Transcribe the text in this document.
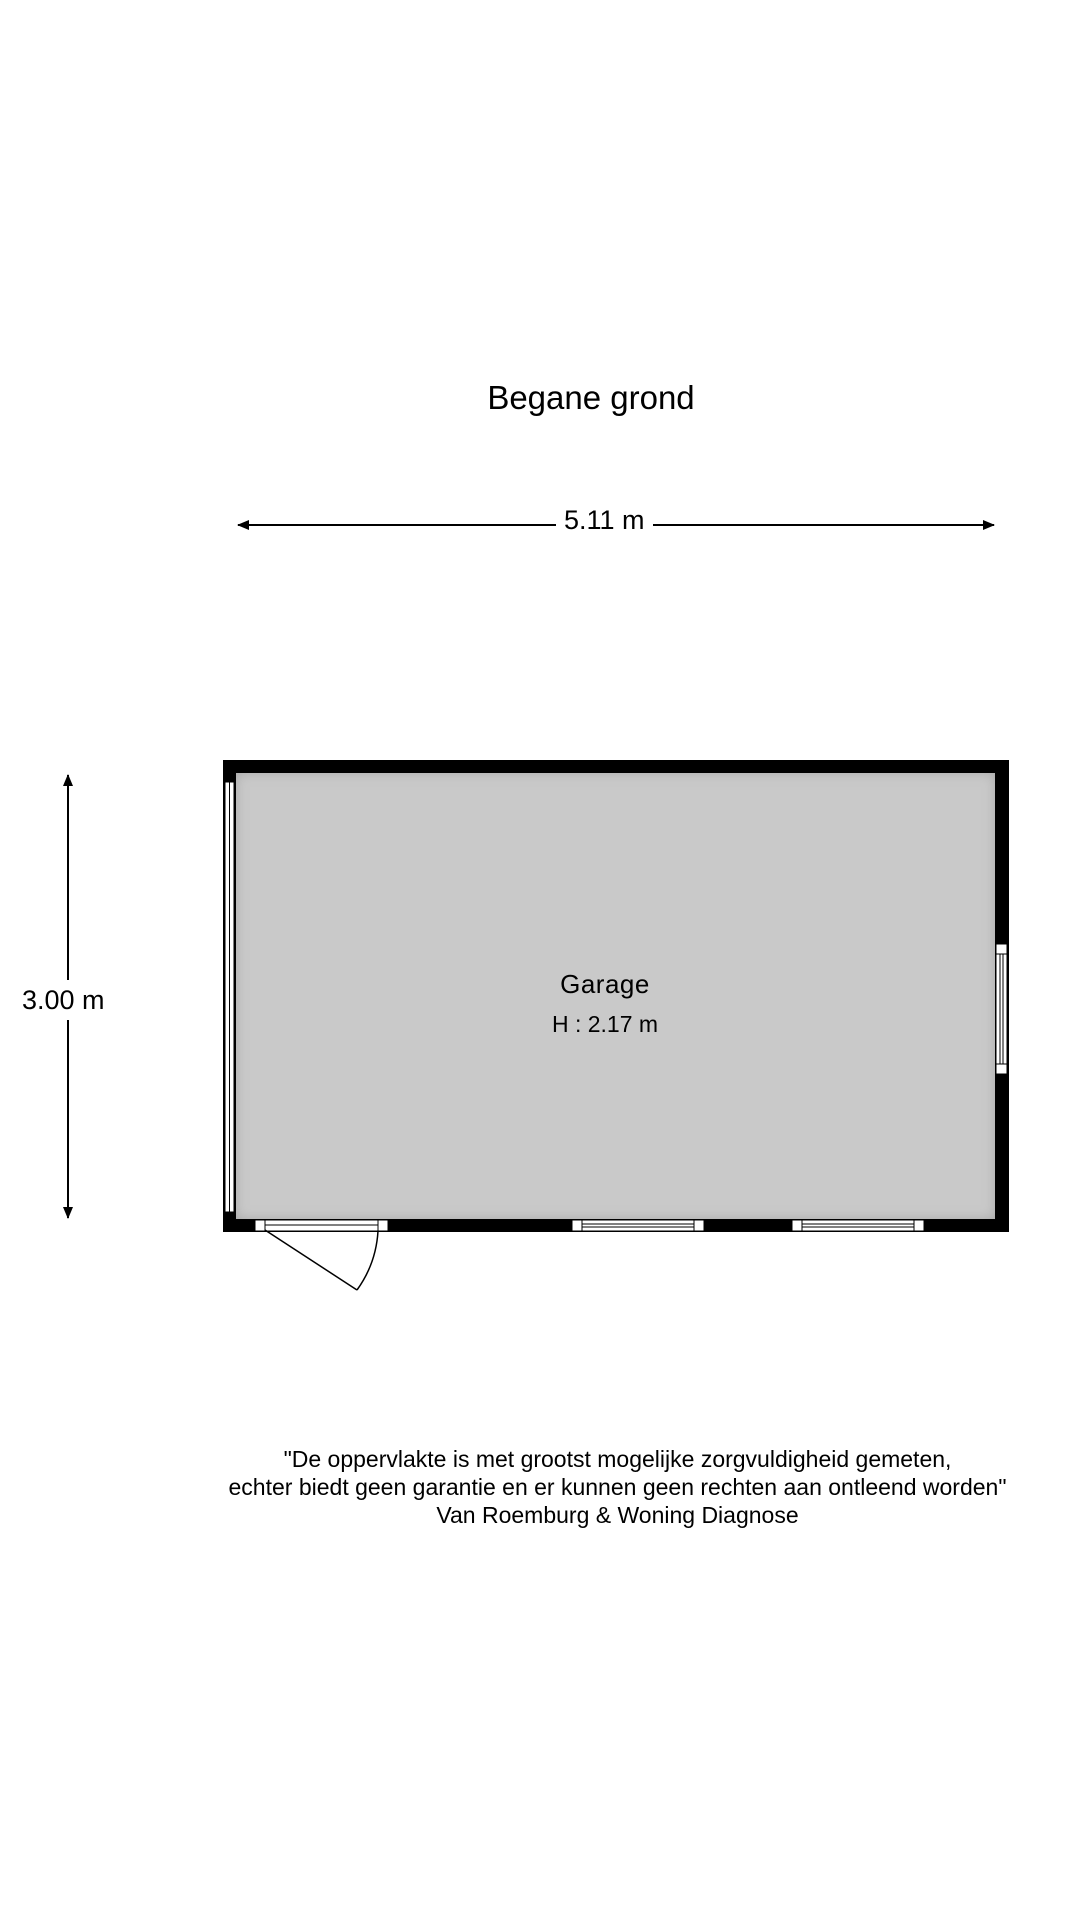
Begane grond
5.11 m
3.00 m
Garage
H : 2.17 m
"De oppervlakte is met grootst mogelijke zorgvuldigheid gemeten,
echter biedt geen garantie en er kunnen geen rechten aan ontleend worden"
Van Roemburg & Woning Diagnose
